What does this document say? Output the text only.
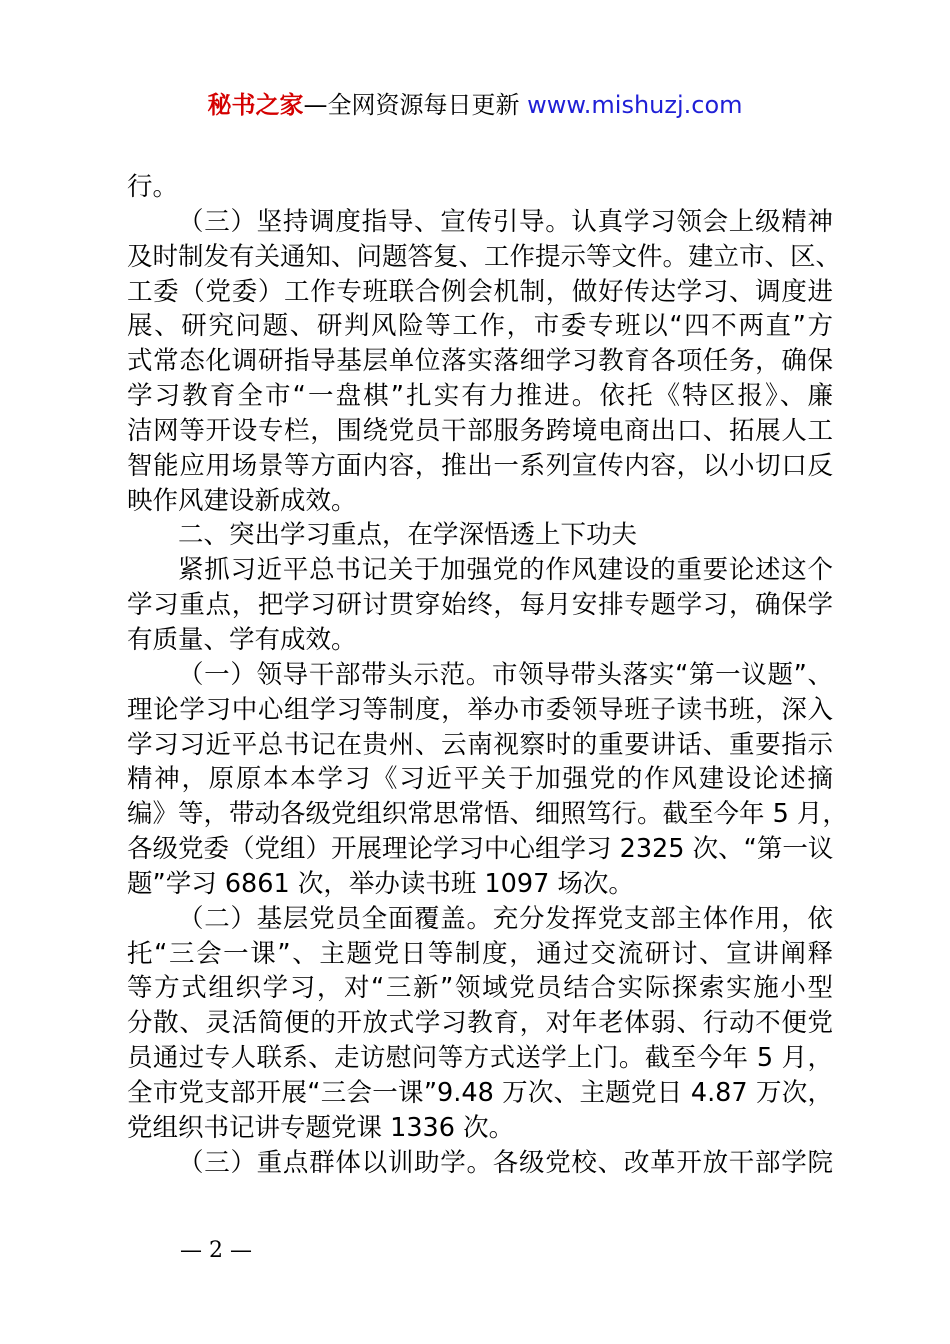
秘书之家—全网资源每日更新 www.mishuzj.com
行。
（三）坚持调度指导、宣传引导。认真学习领会上级精神
及时制发有关通知、问题答复、工作提示等文件。建立市、区、
工委（党委）工作专班联合例会机制，做好传达学习、调度进
展、研究问题、研判风险等工作，市委专班以“四不两直”方
式常态化调研指导基层单位落实落细学习教育各项任务，确保
学习教育全市“一盘棋”扎实有力推进。依托《特区报》、廉
洁网等开设专栏，围绕党员干部服务跨境电商出口、拓展人工
智能应用场景等方面内容，推出一系列宣传内容，以小切口反
映作风建设新成效。
二、突出学习重点，在学深悟透上下功夫
紧抓习近平总书记关于加强党的作风建设的重要论述这个
学习重点，把学习研讨贯穿始终，每月安排专题学习，确保学
有质量、学有成效。
（一）领导干部带头示范。市领导带头落实“第一议题”、
理论学习中心组学习等制度，举办市委领导班子读书班，深入
学习习近平总书记在贵州、云南视察时的重要讲话、重要指示
精神，原原本本学习《习近平关于加强党的作风建设论述摘
编》等，带动各级党组织常思常悟、细照笃行。截至今年 5 月，
各级党委（党组）开展理论学习中心组学习 2325 次、“第一议
题”学习 6861 次，举办读书班 1097 场次。
（二）基层党员全面覆盖。充分发挥党支部主体作用，依
托“三会一课”、主题党日等制度，通过交流研讨、宣讲阐释
等方式组织学习，对“三新”领域党员结合实际探索实施小型
分散、灵活简便的开放式学习教育，对年老体弱、行动不便党
员通过专人联系、走访慰问等方式送学上门。截至今年 5 月，
全市党支部开展“三会一课”9.48 万次、主题党日 4.87 万次，
党组织书记讲专题党课 1336 次。
（三）重点群体以训助学。各级党校、改革开放干部学院
— 2 —
